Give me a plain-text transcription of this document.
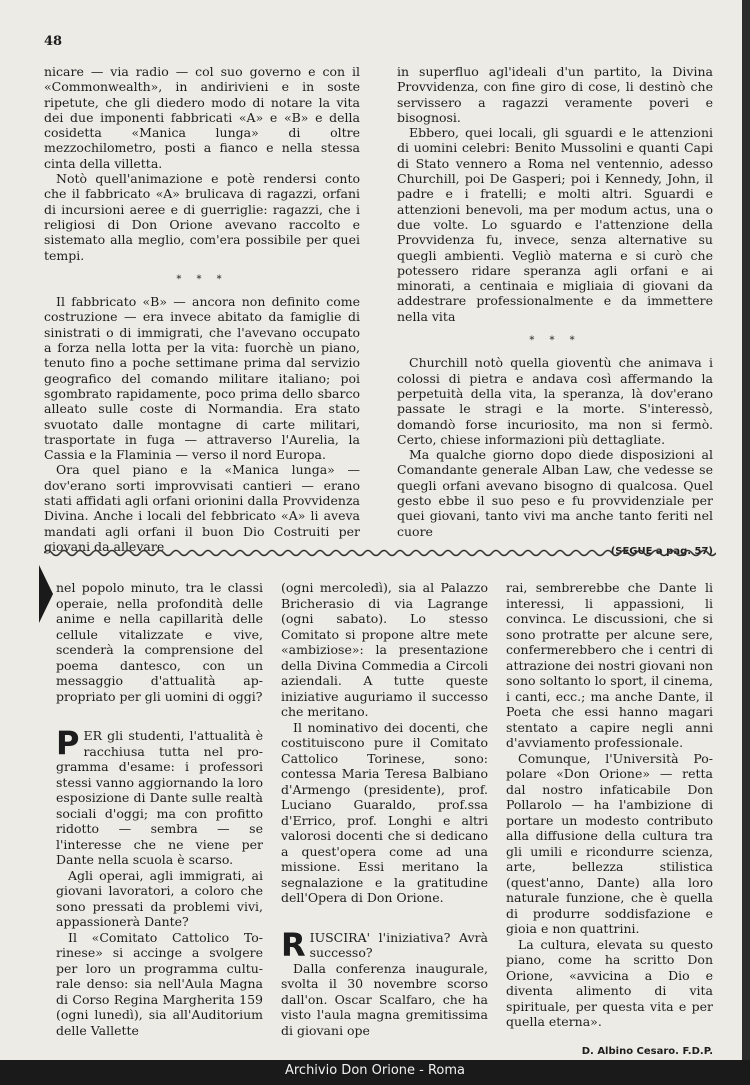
48

nicare — via radio — col suo governo e con il «Commonwealth», in andirivieni e in soste ripetute, che gli diedero modo di notare la vita dei due imponenti fabbricati «A» e «B» e della cosidetta «Manica lunga» di oltre mezzochilometro, posti a fianco e nella stessa cinta della villetta.

Notò quell'animazione e potè rendersi conto che il fabbricato «A» brulicava di ragazzi, orfani di incursioni aeree e di guerriglie: ragazzi, che i religiosi di Don Orione avevano raccolto e sistemato alla meglio, com'era possibile per quei tempi.

* * *

Il fabbricato «B» — ancora non definito come costruzione — era invece abitato da famiglie di sinistrati o di immigrati, che l'avevano occupato a forza nella lotta per la vita: fuorchè un piano, tenuto fino a poche settimane prima dal servizio geografico del comando militare italiano; poi sgombrato rapidamente, poco prima dello sbarco alleato sulle coste di Normandia. Era stato svuotato dalle montagne di carte militari, trasportate in fuga — attraverso l'Aurelia, la Cassia e la Flaminia — verso il nord Europa.

Ora quel piano e la «Manica lunga» — dov'erano sorti improvvisati cantieri — erano stati affidati agli orfani orionini dalla Provvidenza Divina. Anche i locali del febbricato «A» li aveva mandati agli orfani il buon Dio Costruiti per giovani da allevare

in superfluo agl'ideali d'un partito, la Divina Provvidenza, con fine giro di cose, li destinò che servissero a ragazzi veramente poveri e bisognosi.

Ebbero, quei locali, gli sguardi e le attenzioni di uomini celebri: Benito Mussolini e quanti Capi di Stato vennero a Roma nel ventennio, adesso Churchill, poi De Gasperi; poi i Kennedy, John, il padre e i fratelli; e molti altri. Sguardi e attenzioni benevoli, ma per modum actus, una o due volte. Lo sguardo e l'attenzione della Provvidenza fu, invece, senza alternative su quegli ambienti. Vegliò materna e si curò che potessero ridare speranza agli orfani e ai minorati, a centinaia e migliaia di giovani da addestrare professionalmente e da immettere nella vita

* * *

Churchill notò quella gioventù che animava i colossi di pietra e andava così affermando la perpetuità della vita, la speranza, là dov'erano passate le stragi e la morte. S'interessò, domandò forse incuriosito, ma non si fermò. Certo, chiese informazioni più dettagliate.

Ma qualche giorno dopo diede disposizioni al Comandante generale Alban Law, che vedesse se quegli orfani avevano bisogno di qualcosa. Quel gesto ebbe il suo peso e fu provvidenziale per quei giovani, tanto vivi ma anche tanto feriti nel cuore

(SEGUE a pag. 57)

nel popolo minuto, tra le classi operaie, nella profondità delle anime e nella capillarità delle cellule vitalizzate e vive, scenderà la comprensione del poema dantesco, con un messaggio d'attualità appropriato per gli uomini di oggi?

PER gli studenti, l'attualità è racchiusa tutta nel programma d'esame: i professori stessi vanno aggiornando la loro esposizione di Dante sulle realtà sociali d'oggi; ma con profitto ridotto — sembra — se l'interesse che ne viene per Dante nella scuola è scarso.

Agli operai, agli immigrati, ai giovani lavoratori, a coloro che sono pressati da problemi vivi, appassionerà Dante?

Il «Comitato Cattolico Torinese» si accinge a svolgere per loro un programma culturale denso: sia nell'Aula Magna di Corso Regina Margherita 159 (ogni lunedì), sia all'Auditorium delle Vallette

(ogni mercoledì), sia al Palazzo Bricherasio di via Lagrange (ogni sabato). Lo stesso Comitato si propone altre mete «ambiziose»: la presentazione della Divina Commedia a Circoli aziendali. A tutte queste iniziative auguriamo il successo che meritano.

Il nominativo dei docenti, che costituiscono pure il Comitato Cattolico Torinese, sono: contessa Maria Teresa Balbiano d'Armengo (presidente), prof. Luciano Guaraldo, prof.ssa d'Errico, prof. Longhi e altri valorosi docenti che si dedicano a quest'opera come ad una missione. Essi meritano la segnalazione e la gratitudine dell'Opera di Don Orione.

RIUSCIRA' l'iniziativa? Avrà successo?

Dalla conferenza inaugurale, svolta il 30 novembre scorso dall'on. Oscar Scalfaro, che ha visto l'aula magna gremitissima di giovani ope

rai, sembrerebbe che Dante li interessi, li appassioni, li convinca. Le discussioni, che si sono protratte per alcune sere, confermerebbero che i centri di attrazione dei nostri giovani non sono soltanto lo sport, il cinema, i canti, ecc.; ma anche Dante, il Poeta che essi hanno magari stentato a capire negli anni d'avviamento professionale.

Comunque, l'Università Popolare «Don Orione» — retta dal nostro infaticabile Don Pollarolo — ha l'ambizione di portare un modesto contributo alla diffusione della cultura tra gli umili e ricondurre scienza, arte, bellezza stilistica (quest'anno, Dante) alla loro naturale funzione, che è quella di produrre soddisfazione e gioia e non quattrini.

La cultura, elevata su questo piano, come ha scritto Don Orione, «avvicina a Dio e diventa alimento di vita spirituale, per questa vita e per quella eterna».

D. Albino Cesaro. F.D.P.
Archivio Don Orione - Roma
